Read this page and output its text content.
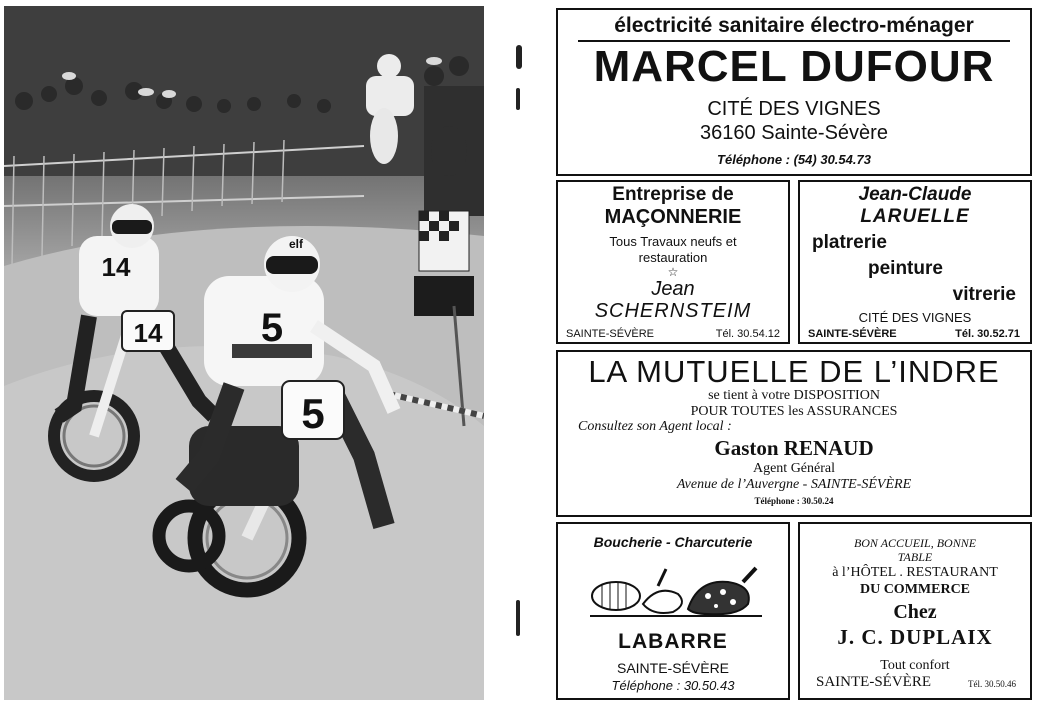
14
14
elf
5
5
électricité sanitaire électro-ménager
MARCEL DUFOUR
CITÉ DES VIGNES
36160 Sainte-Sévère
Téléphone : (54) 30.54.73
Entreprise de
MAÇONNERIE
Tous Travaux neufs et
restauration
☆
Jean
SCHERNSTEIM
SAINTE-SÉVÈRE	Tél. 30.54.12
Jean-Claude
LARUELLE
platrerie
peinture
vitrerie
CITÉ DES VIGNES
SAINTE-SÉVÈRE	Tél. 30.52.71
LA MUTUELLE DE L’INDRE
se tient à votre DISPOSITION
POUR TOUTES les ASSURANCES
Consultez son Agent local :
Gaston RENAUD
Agent Général
Avenue de l’Auvergne - SAINTE-SÉVÈRE
Téléphone : 30.50.24
Boucherie - Charcuterie
LABARRE
SAINTE-SÉVÈRE
Téléphone : 30.50.43
BON ACCUEIL, BONNE
TABLE
à l’HÔTEL . RESTAURANT
DU COMMERCE
Chez
J. C. DUPLAIX
Tout confort
SAINTE-SÉVÈRE	Tél. 30.50.46
